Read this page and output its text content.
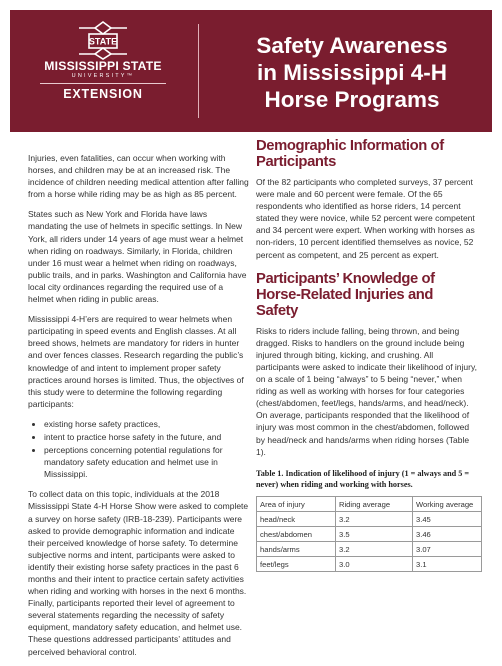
STATE
MISSISSIPPI STATE
UNIVERSITY™
EXTENSION
Safety Awareness
in Mississippi 4-H
Horse Programs

Injuries, even fatalities, can occur when working with horses, and children may be at an increased risk. The incidence of children needing medical attention after falling from a horse while riding may be as high as 85 percent.

States such as New York and Florida have laws mandating the use of helmets in specific settings. In New York, all riders under 14 years of age must wear a helmet when riding on roadways. Similarly, in Florida, children under 16 must wear a helmet when riding on roadways, public trails, and in parks. Washington and California have local city ordinances regarding the required use of a helmet when riding in public areas.

Mississippi 4-H’ers are required to wear helmets when participating in speed events and English classes. At all breed shows, helmets are mandatory for riders in hunter and over fences classes. Research regarding the public’s knowledge of and intent to implement proper safety practices around horses is limited. Thus, the objectives of this study were to determine the following regarding participants:

• existing horse safety practices,
• intent to practice horse safety in the future, and
• perceptions concerning potential regulations for mandatory safety education and helmet use in Mississippi.

To collect data on this topic, individuals at the 2018 Mississippi State 4-H Horse Show were asked to complete a survey on horse safety (IRB-18-239). Participants were asked to provide demographic information and indicate their perceived knowledge of horse safety. To determine subjective norms and intent, participants were asked to identify their existing horse safety practices in the past 6 months and their intent to practice certain safety activities when riding and working with horses in the next 6 months. Finally, participants reported their level of agreement to several statements regarding the necessity of safety equipment, mandatory safety education, and helmet use. These questions addressed participants’ attitudes and perceived behavioral control.

Demographic Information of Participants

Of the 82 participants who completed surveys, 37 percent were male and 60 percent were female. Of the 65 respondents who identified as horse riders, 14 percent stated they were novice, while 52 percent were competent and 34 percent were expert. When working with horses as non-riders, 10 percent identified themselves as novice, 52 percent as competent, and 25 percent as expert.

Participants’ Knowledge of Horse-Related Injuries and Safety

Risks to riders include falling, being thrown, and being dragged. Risks to handlers on the ground include being injured through biting, kicking, and crushing. All participants were asked to indicate their likelihood of injury, on a scale of 1 being “always” to 5 being “never,” when riding as well as working with horses for four categories (chest/abdomen, feet/legs, hands/arms, and head/neck). On average, participants responded that the likelihood of injury was most common in the chest/abdomen, followed by head/neck and hands/arms when riding horses (Table 1).

Table 1. Indication of likelihood of injury (1 = always and 5 = never) when riding and working with horses.
Area of injury	Riding average	Working average
head/neck	3.2	3.45
chest/abdomen	3.5	3.46
hands/arms	3.2	3.07
feet/legs	3.0	3.1
